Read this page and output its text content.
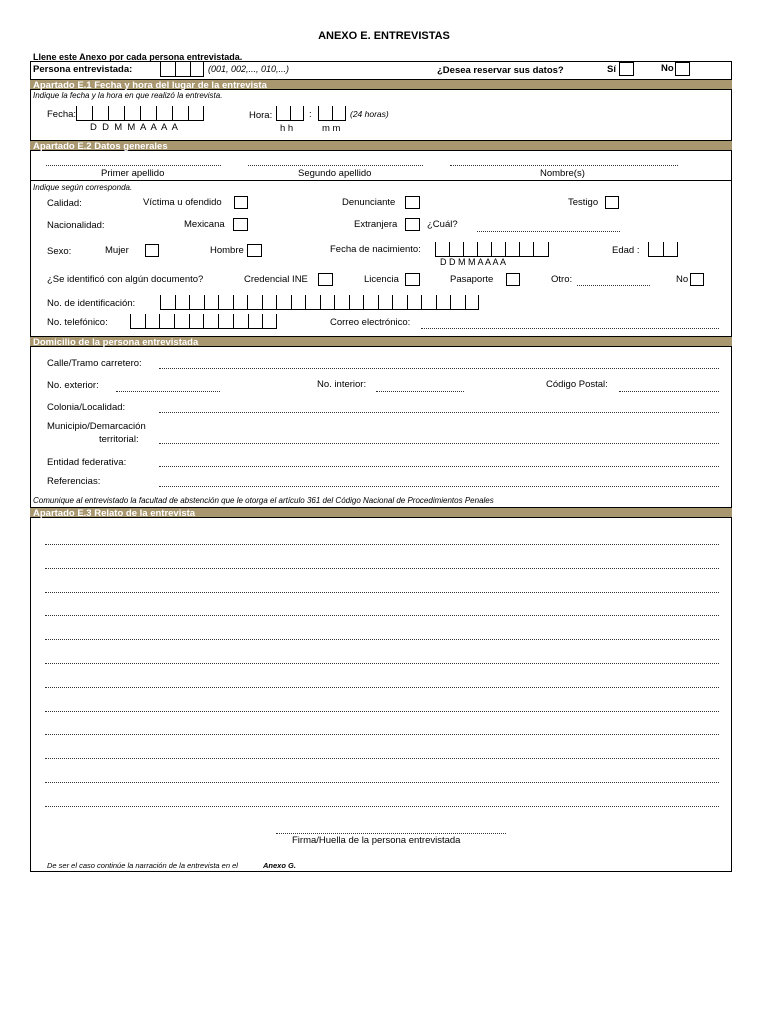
ANEXO E. ENTREVISTAS
Llene este Anexo por cada persona entrevistada.
Persona entrevistada:	(001, 002,..., 010,...)	¿Desea reservar sus datos?	Sí	No
Apartado E.1 Fecha y hora del lugar de la entrevista
Indique la fecha y la hora en que realizó la entrevista.
Fecha:
D D M M A A A A
Hora:	:	(24 horas)
h h	m m
Apartado E.2 Datos generales
Primer apellido	Segundo apellido	Nombre(s)
Indique según corresponda.
Calidad:	Víctima u ofendido	Denunciante	Testigo
Nacionalidad:	Mexicana	Extranjera	¿Cuál?
Sexo:	Mujer	Hombre	Fecha de nacimiento:
D D M M A A A A
Edad :
¿Se identificó con algún documento?	Credencial INE	Licencia	Pasaporte	Otro:	No
No. de identificación:
No. telefónico:	Correo electrónico:
Domicilio de la persona entrevistada
Calle/Tramo carretero:
No. exterior:	No. interior:	Código Postal:
Colonia/Localidad:
Municipio/Demarcación
territorial:
Entidad federativa:
Referencias:
Comunique al entrevistado la facultad de abstención que le otorga el artículo 361 del Código Nacional de Procedimientos Penales
Apartado E.3 Relato de la entrevista
Firma/Huella de la persona entrevistada
De ser el caso continúe la narración de la entrevista en el	Anexo G.
